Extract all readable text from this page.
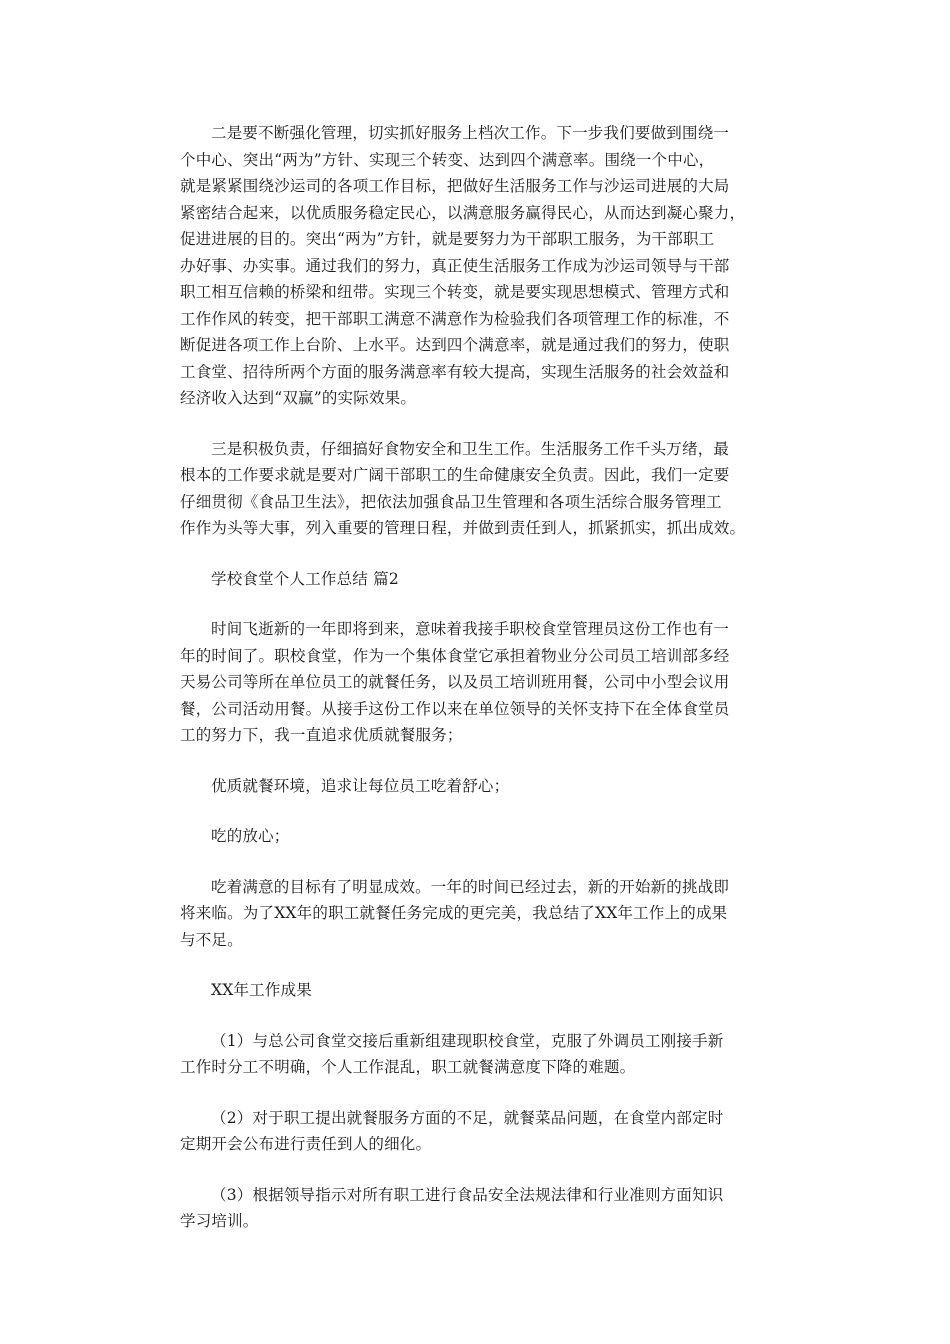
二是要不断强化管理，切实抓好服务上档次工作。下一步我们要做到围绕一
个中心、突出“两为”方针、实现三个转变、达到四个满意率。围绕一个中心，
就是紧紧围绕沙运司的各项工作目标，把做好生活服务工作与沙运司进展的大局
紧密结合起来，以优质服务稳定民心，以满意服务赢得民心，从而达到凝心聚力，
促进进展的目的。突出“两为”方针，就是要努力为干部职工服务，为干部职工
办好事、办实事。通过我们的努力，真正使生活服务工作成为沙运司领导与干部
职工相互信赖的桥梁和纽带。实现三个转变，就是要实现思想模式、管理方式和
工作作风的转变，把干部职工满意不满意作为检验我们各项管理工作的标准，不
断促进各项工作上台阶、上水平。达到四个满意率，就是通过我们的努力，使职
工食堂、招待所两个方面的服务满意率有较大提高，实现生活服务的社会效益和
经济收入达到“双赢”的实际效果。

三是积极负责，仔细搞好食物安全和卫生工作。生活服务工作千头万绪，最
根本的工作要求就是要对广阔干部职工的生命健康安全负责。因此，我们一定要
仔细贯彻《食品卫生法》，把依法加强食品卫生管理和各项生活综合服务管理工
作作为头等大事，列入重要的管理日程，并做到责任到人，抓紧抓实，抓出成效。

学校食堂个人工作总结 篇2

时间飞逝新的一年即将到来，意味着我接手职校食堂管理员这份工作也有一
年的时间了。职校食堂，作为一个集体食堂它承担着物业分公司员工培训部多经
天易公司等所在单位员工的就餐任务，以及员工培训班用餐，公司中小型会议用
餐，公司活动用餐。从接手这份工作以来在单位领导的关怀支持下在全体食堂员
工的努力下，我一直追求优质就餐服务；

优质就餐环境，追求让每位员工吃着舒心；

吃的放心；

吃着满意的目标有了明显成效。一年的时间已经过去，新的开始新的挑战即
将来临。为了XX年的职工就餐任务完成的更完美，我总结了XX年工作上的成果
与不足。

XX年工作成果

（1）与总公司食堂交接后重新组建现职校食堂，克服了外调员工刚接手新
工作时分工不明确，个人工作混乱，职工就餐满意度下降的难题。

（2）对于职工提出就餐服务方面的不足，就餐菜品问题，在食堂内部定时
定期开会公布进行责任到人的细化。

（3）根据领导指示对所有职工进行食品安全法规法律和行业准则方面知识
学习培训。
